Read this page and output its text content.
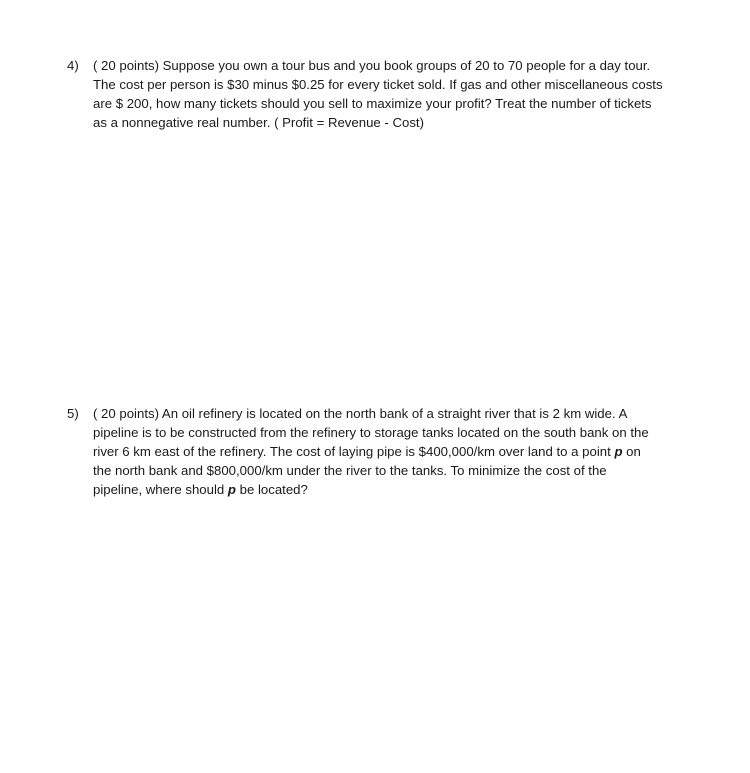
4)	( 20 points) Suppose you own a tour bus and you book groups of 20 to 70 people for a day tour.
The cost per person is $30 minus $0.25 for every ticket sold. If gas and other miscellaneous costs
are $ 200, how many tickets should you sell to maximize your profit? Treat the number of tickets
as a nonnegative real number. ( Profit = Revenue - Cost)
5)	( 20 points) An oil refinery is located on the north bank of a straight river that is 2 km wide. A
pipeline is to be constructed from the refinery to storage tanks located on the south bank on the
river 6 km east of the refinery. The cost of laying pipe is $400,000/km over land to a point p on
the north bank and $800,000/km under the river to the tanks. To minimize the cost of the
pipeline, where should p be located?
